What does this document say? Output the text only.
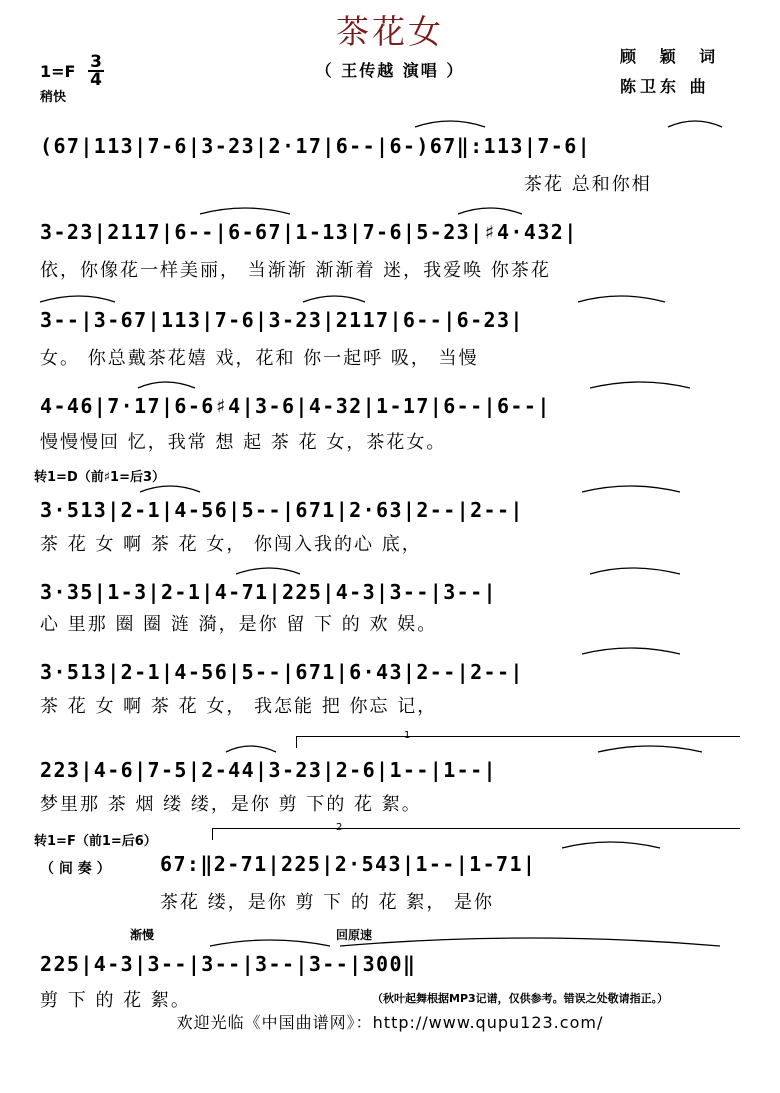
茶花女
（ 王传越 演唱 ）
$1=F \frac{3}{4}$
稍快
顾 颖 词
陈卫东 曲
(67|113|7-6|3-23|2·17|6--|6-)67‖:113|7-6|
茶花 总和你相
3-23|2117|6--|6-67|1-13|7-6|5-23|♯4·432|
依，你像花一样美丽， 当渐渐 渐渐着 迷，我爱唤 你茶花
3--|3-67|113|7-6|3-23|2117|6--|6-23|
女。 你总戴茶花嬉 戏，花和 你一起呼 吸， 当慢
4-46|7·17|6-6♯4|3-6|4-32|1-17|6--|6--|
慢慢慢回 忆，我常 想 起 茶 花 女，茶花女。
转1=D（前♯1=后3）
3·513|2-1|4-56|5--|671|2·63|2--|2--|
茶 花 女 啊 茶 花 女， 你闯入我的心 底，
3·35|1-3|2-1|4-71|225|4-3|3--|3--|
心 里那 圈 圈 涟 漪，是你 留 下 的 欢 娱。
3·513|2-1|4-56|5--|671|6·43|2--|2--|
茶 花 女 啊 茶 花 女， 我怎能 把 你忘 记，
1
223|4-6|7-5|2-44|3-23|2-6|1--|1--|
梦里那 茶 烟 缕 缕，是你 剪 下的 花 絮。
转1=F（前1=后6）
2
（ 间 奏 ） 67:‖2-71|225|2·543|1--|1-71|
茶花 缕，是你 剪 下 的 花 絮， 是你
渐慢	回原速
225|4-3|3--|3--|3--|3--|300‖
剪 下 的 花 絮。	（秋叶起舞根据MP3记谱，仅供参考。错误之处敬请指正。）
欢迎光临《中国曲谱网》：http://www.qupu123.com/
